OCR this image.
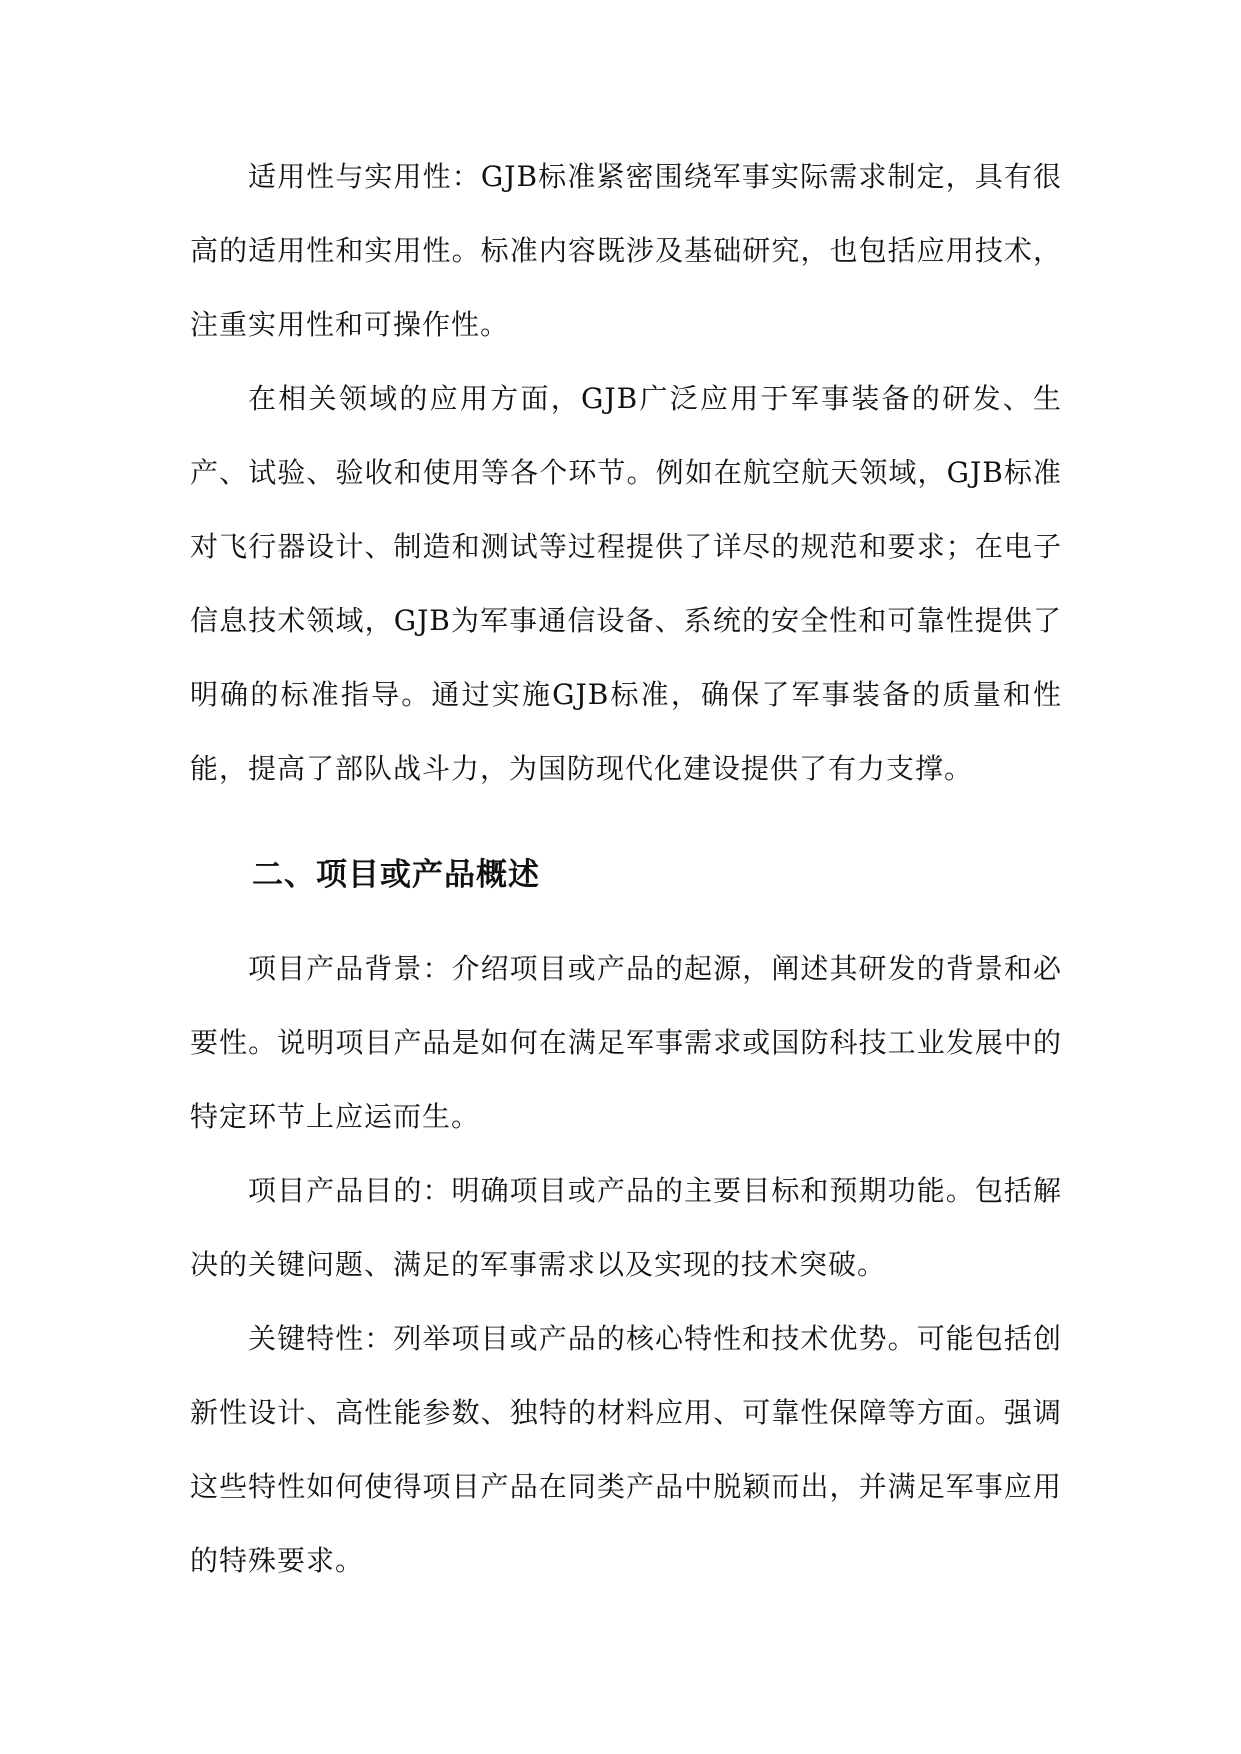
适用性与实用性：GJB标准紧密围绕军事实际需求制定，具有很高的适用性和实用性。标准内容既涉及基础研究，也包括应用技术，注重实用性和可操作性。

在相关领域的应用方面，GJB广泛应用于军事装备的研发、生产、试验、验收和使用等各个环节。例如在航空航天领域，GJB标准对飞行器设计、制造和测试等过程提供了详尽的规范和要求；在电子信息技术领域，GJB为军事通信设备、系统的安全性和可靠性提供了明确的标准指导。通过实施GJB标准，确保了军事装备的质量和性能，提高了部队战斗力，为国防现代化建设提供了有力支撑。

二、项目或产品概述

项目产品背景：介绍项目或产品的起源，阐述其研发的背景和必要性。说明项目产品是如何在满足军事需求或国防科技工业发展中的特定环节上应运而生。

项目产品目的：明确项目或产品的主要目标和预期功能。包括解决的关键问题、满足的军事需求以及实现的技术突破。

关键特性：列举项目或产品的核心特性和技术优势。可能包括创新性设计、高性能参数、独特的材料应用、可靠性保障等方面。强调这些特性如何使得项目产品在同类产品中脱颖而出，并满足军事应用的特殊要求。
